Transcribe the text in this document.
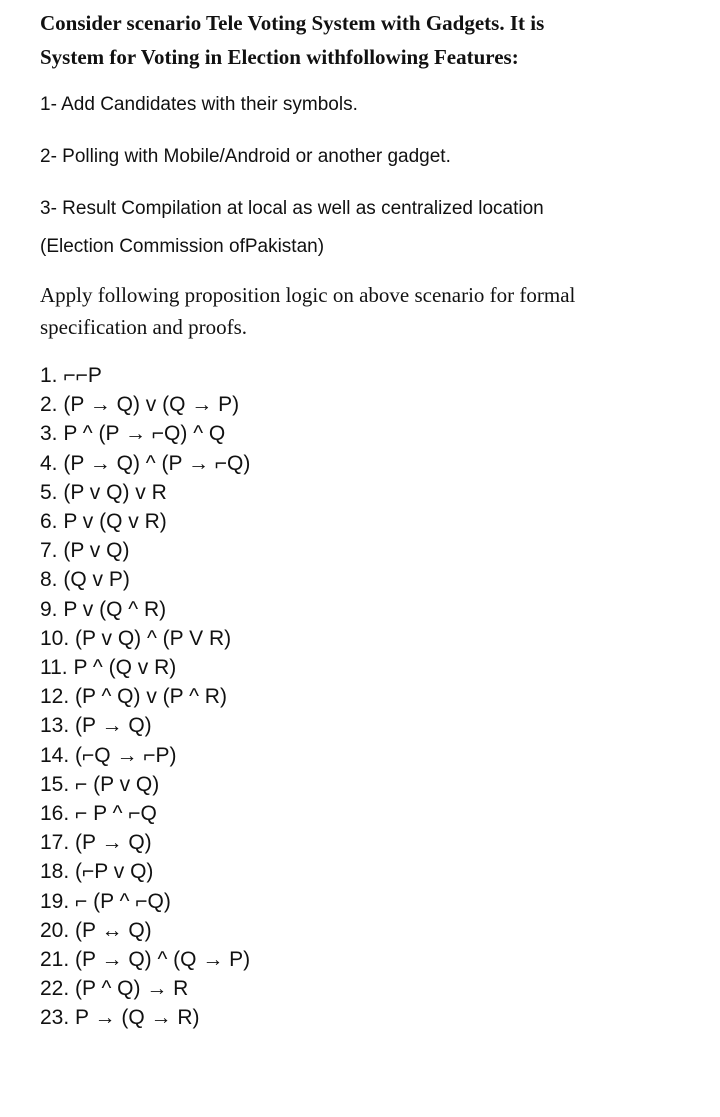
Consider scenario Tele Voting System with Gadgets. It is
System for Voting in Election withfollowing Features:

1- Add Candidates with their symbols.

2- Polling with Mobile/Android or another gadget.

3- Result Compilation at local as well as centralized location

(Election Commission ofPakistan)

Apply following proposition logic on above scenario for formal
specification and proofs.
1. ⌐⌐P
2. (P → Q) v (Q → P)
3. P ^ (P → ⌐Q) ^ Q
4. (P → Q) ^ (P → ⌐Q)
5. (P v Q) v R
6. P v (Q v R)
7. (P v Q)
8. (Q v P)
9. P v (Q ^ R)
10. (P v Q) ^ (P V R)
11. P ^ (Q v R)
12. (P ^ Q) v (P ^ R)
13. (P → Q)
14. (⌐Q → ⌐P)
15. ⌐ (P v Q)
16. ⌐ P ^ ⌐Q
17. (P → Q)
18. (⌐P v Q)
19. ⌐ (P ^ ⌐Q)
20. (P ↔ Q)
21. (P → Q) ^ (Q → P)
22. (P ^ Q) → R
23. P → (Q → R)
